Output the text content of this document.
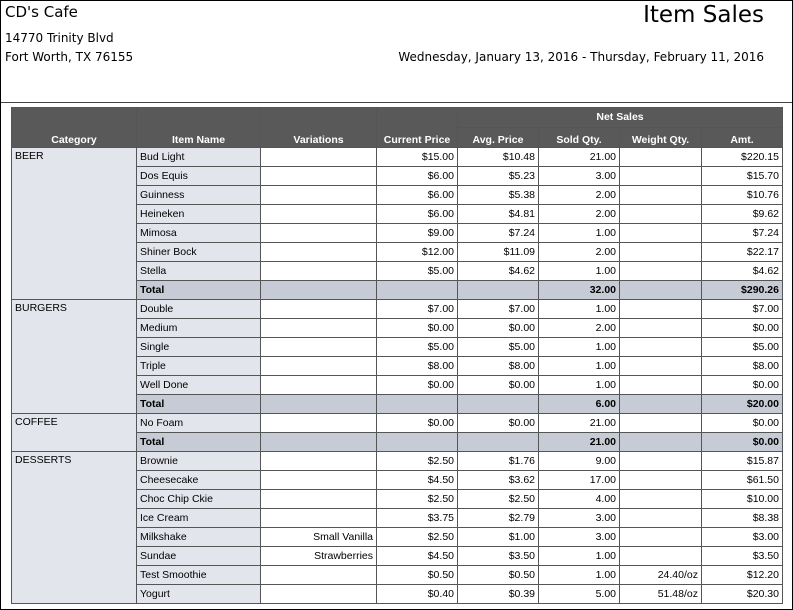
CD's Cafe
14770 Trinity Blvd
Fort Worth, TX 76155
Item Sales
Wednesday, January 13, 2016 - Thursday, February 11, 2016
Category	Item Name	Variations	Current Price	Net Sales			
				Avg. Price	Sold Qty.	Weight Qty.	Amt.
BEER	Bud Light		$15.00	$10.48	21.00		$220.15
	Dos Equis		$6.00	$5.23	3.00		$15.70
	Guinness		$6.00	$5.38	2.00		$10.76
	Heineken		$6.00	$4.81	2.00		$9.62
	Mimosa		$9.00	$7.24	1.00		$7.24
	Shiner Bock		$12.00	$11.09	2.00		$22.17
	Stella		$5.00	$4.62	1.00		$4.62
	Total				32.00		$290.26
BURGERS	Double		$7.00	$7.00	1.00		$7.00
	Medium		$0.00	$0.00	2.00		$0.00
	Single		$5.00	$5.00	1.00		$5.00
	Triple		$8.00	$8.00	1.00		$8.00
	Well Done		$0.00	$0.00	1.00		$0.00
	Total				6.00		$20.00
COFFEE	No Foam		$0.00	$0.00	21.00		$0.00
	Total				21.00		$0.00
DESSERTS	Brownie		$2.50	$1.76	9.00		$15.87
	Cheesecake		$4.50	$3.62	17.00		$61.50
	Choc Chip Ckie		$2.50	$2.50	4.00		$10.00
	Ice Cream		$3.75	$2.79	3.00		$8.38
	Milkshake	Small Vanilla	$2.50	$1.00	3.00		$3.00
	Sundae	Strawberries	$4.50	$3.50	1.00		$3.50
	Test Smoothie		$0.50	$0.50	1.00	24.40/oz	$12.20
	Yogurt		$0.40	$0.39	5.00	51.48/oz	$20.30
